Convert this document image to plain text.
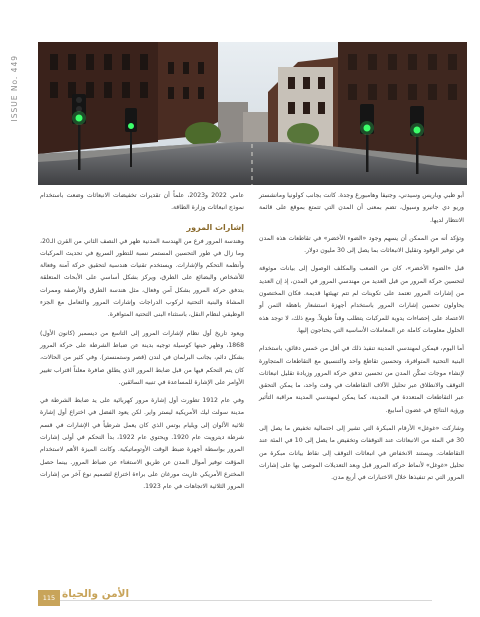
ISSUE No. 449

أبو ظبي وباريس وسيدني، وجنيفا وهامبورغ وجدة. كانت بجانب كولونيا ومانشستر وريو دي جانيرو وسيول، تضم بمعنى أن المدن التي تتمتع بموقع على قائمة الانتظار لديها.

وتؤكد أنه من الممكن أن يسهم وجود «الضوء الأخضر» في تقاطعات هذه المدن في توفير الوقود وتقليل الانبعاثات بما يصل إلى 30 مليون دولار.

قبل «الضوء الأخضر»، كان من الصعب والمكلف الوصول إلى بيانات موثوقة لتحسين حركة المرور من قبل العديد من مهندسي المرور في المدن، إذ إن العديد من إشارات المرور تعتمد على تكوينات لم تتم تهيئتها قديمة. فكان المختصون يحاولون تحسين إشارات المرور باستخدام أجهزة استشعار باهظة الثمن أو الاعتماد على إحصاءات يدوية للمركبات يتطلب وقتاً طويلاً. ومع ذلك، لا توجد هذه الحلول معلومات كاملة عن المعاملات الأساسية التي يحتاجون إليها.

أما اليوم، فيمكن لمهندسي المدينة تنفيذ ذلك في أقل من خمس دقائق، باستخدام البنية التحتية المتوافرة، وتحسين تقاطع واحد والتنسيق مع التقاطعات المتجاورة لإنشاء موجات تمكّن المدن من تحسين تدفق حركة المرور وزيادة تقليل انبعاثات التوقف والانطلاق عبر تحليل الآلاف التقاطعات في وقت واحد، ما يمكن التحقق عبر التقاطعات المتعددة في المدينة، كما يمكن لمهندسي المدينة مراقبة التأثير ورؤية النتائج في غضون أسابيع.

وشاركت «غوغل» الأرقام المبكرة التي تشير إلى احتمالية تخفيض ما يصل إلى 30 في المئة من الانبعاثات عند التوقفات وتخفيض ما يصل إلى 10 في المئة عند التقاطعات. ويستند الانخفاض في انبعاثات التوقف إلى نقاط بيانات مبكرة من تحليل «غوغل» لأنماط حركة المرور قبل وبعد التعديلات الموصى بها على إشارات المرور التي تم تنفيذها خلال الاختبارات في أربع مدن.

عامي 2022 و2023، علماً أن تقديرات تخفيضات الانبعاثات وضعت باستخدام نموذج انبعاثات وزارة الطاقة.

إشارات المرور

وهندسة المرور فرع من الهندسة المدنية ظهر في النصف الثاني من القرن الـ20، وما زال في طور التحسين المستمر نسبة للتطور السريع في تحديث المركبات وأنظمة التحكم والإشارات. ويستخدم تقنيات هندسية لتحقيق حركة آمنة وفعالة للأشخاص والبضائع على الطرق، ويركز بشكل أساسي على الأبحاث المتعلقة بتدفق حركة المرور بشكل آمن وفعال، مثل هندسة الطرق والأرصفة وممرات المشاة والبنية التحتية لركوب الدراجات وإشارات المرور والتعامل مع الجزء الوظيفي لنظام النقل، باستثناء البنى التحتية المتوافرة.

ويعود تاريخ أول نظام لإشارات المرور إلى التاسع من ديسمبر (كانون الأول) 1868، وظهر حينها كوسيلة توجيه بدينة عن ضباط الشرطة على حركة المرور بشكل دائم، بجانب البرلمان في لندن (قصر وستمنستر). وفي كثير من الحالات، كان يتم التحكم فيها من قبل ضابط المرور الذي يطلق صافرة معلناً اقتراب تغيير الأوامر على الإشارة للمساعدة في تنبيه السائقين.

وفي عام 1912 تطورت أول إشارة مرور كهربائية على يد ضابط الشرطة في مدينة سولت ليك الأمريكية ليستر واير. لكن يعود الفضل في اختراع أول إشارة ثلاثية الألوان إلى ويليام بوتس الذي كان يعمل شرطياً في الإشارات في قسم شرطة ديترويت عام 1920. ويحتوي عام 1922، بدأ التحكم في أولى إشارات المرور بواسطة أجهزة ضبط الوقت الأوتوماتيكية. وكانت الميزة الأهم لاستخدام المؤقت توفير أموال المدن عن طريق الاستغناء عن ضباط المرور. بينما حصل المخترع الأمريكي غاريت مورغان على براءة اختراع لتصميم نوع آخر من إشارات المرور الثلاثية الاتجاهات في عام 1923.

115 الأمن والحياة
